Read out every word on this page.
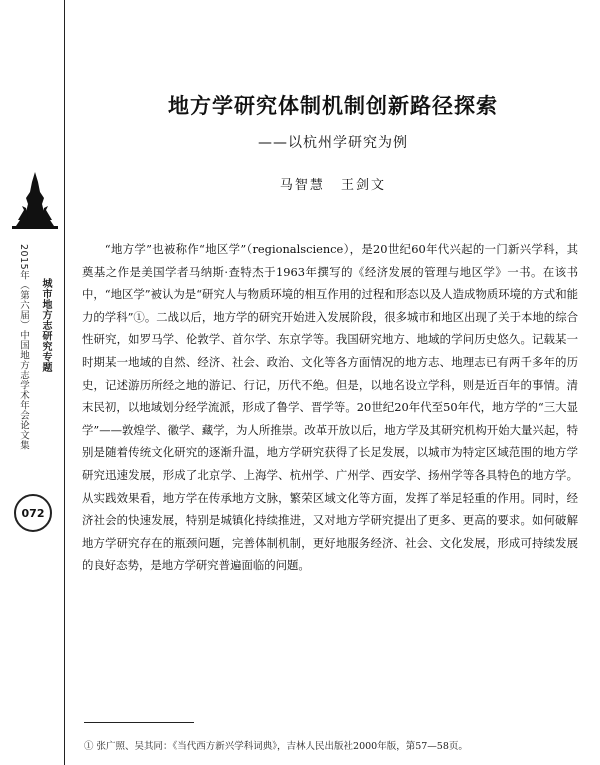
2015年（第六届）中国地方志学术年会论文集 城市地方志研究专题
072
地方学研究体制机制创新路径探索
——以杭州学研究为例
马智慧 王剑文

“地方学”也被称作“地区学”（regionalscience），是20世纪60年代兴起的一门新兴学科，其奠基之作是美国学者马纳斯·查特杰于1963年撰写的《经济发展的管理与地区学》一书。在该书中，“地区学”被认为是“研究人与物质环境的相互作用的过程和形态以及人造成物质环境的方式和能力的学科”①。二战以后，地方学的研究开始进入发展阶段，很多城市和地区出现了关于本地的综合性研究，如罗马学、伦敦学、首尔学、东京学等。我国研究地方、地域的学问历史悠久。记载某一时期某一地域的自然、经济、社会、政治、文化等各方面情况的地方志、地理志已有两千多年的历史，记述游历所经之地的游记、行记，历代不绝。但是，以地名设立学科，则是近百年的事情。清末民初，以地域划分经学流派，形成了鲁学、晋学等。20世纪20年代至50年代，地方学的“三大显学”——敦煌学、徽学、藏学，为人所推崇。改革开放以后，地方学及其研究机构开始大量兴起，特别是随着传统文化研究的逐渐升温，地方学研究获得了长足发展，以城市为特定区域范围的地方学研究迅速发展，形成了北京学、上海学、杭州学、广州学、西安学、扬州学等各具特色的地方学。从实践效果看，地方学在传承地方文脉，繁荣区域文化等方面，发挥了举足轻重的作用。同时，经济社会的快速发展，特别是城镇化持续推进，又对地方学研究提出了更多、更高的要求。如何破解地方学研究存在的瓶颈问题，完善体制机制，更好地服务经济、社会、文化发展，形成可持续发展的良好态势，是地方学研究普遍面临的问题。

① 张广照、吴其同：《当代西方新兴学科词典》，吉林人民出版社2000年版，第57—58页。
